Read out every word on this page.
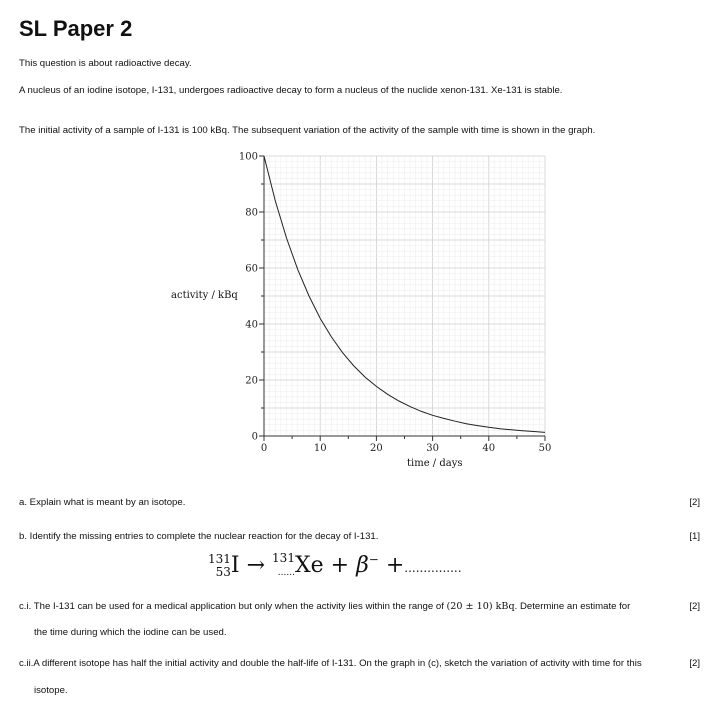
SL Paper 2
This question is about radioactive decay.
A nucleus of an iodine isotope, I-131, undergoes radioactive decay to form a nucleus of the nuclide xenon-131. Xe-131 is stable.
The initial activity of a sample of I-131 is 100 kBq. The subsequent variation of the activity of the sample with time is shown in the graph.
0
20
40
60
80
100
0	10	20	30	40	50
activity / kBq
time / days
a. Explain what is meant by an isotope.	[2]
b. Identify the missing entries to complete the nuclear reaction for the decay of I-131.	[1]
131
53I → 131
......Xe + β− +...............
c.i. The I-131 can be used for a medical application but only when the activity lies within the range of (20 ± 10) kBq. Determine an estimate for	[2]
the time during which the iodine can be used.
c.ii.A different isotope has half the initial activity and double the half-life of I-131. On the graph in (c), sketch the variation of activity with time for this	[2]
isotope.
